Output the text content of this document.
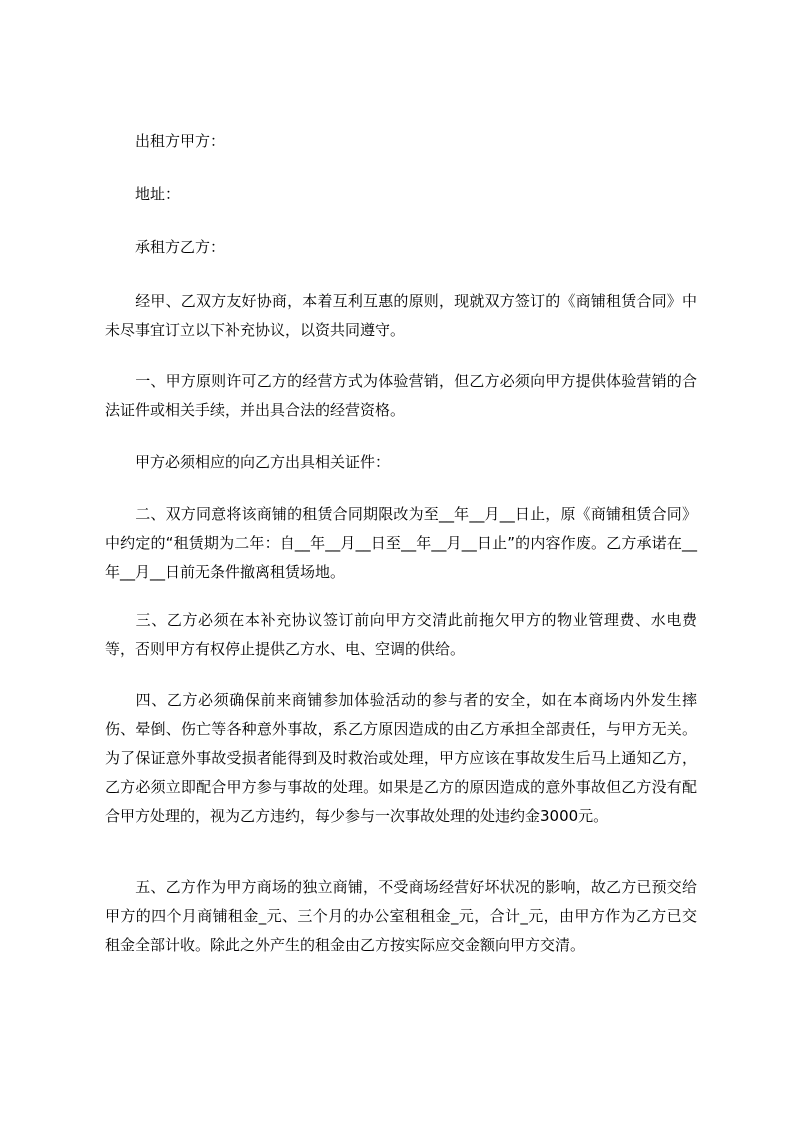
出租方甲方：

地址：

承租方乙方：

经甲、乙双方友好协商，本着互利互惠的原则，现就双方签订的《商铺租赁合同》中未尽事宜订立以下补充协议，以资共同遵守。

一、甲方原则许可乙方的经营方式为体验营销，但乙方必须向甲方提供体验营销的合法证件或相关手续，并出具合法的经营资格。

甲方必须相应的向乙方出具相关证件：

二、双方同意将该商铺的租赁合同期限改为至__年__月__日止，原《商铺租赁合同》中约定的“租赁期为二年：自__年__月__日至__年__月__日止”的内容作废。乙方承诺在__年__月__日前无条件撤离租赁场地。

三、乙方必须在本补充协议签订前向甲方交清此前拖欠甲方的物业管理费、水电费等，否则甲方有权停止提供乙方水、电、空调的供给。

四、乙方必须确保前来商铺参加体验活动的参与者的安全，如在本商场内外发生摔伤、晕倒、伤亡等各种意外事故，系乙方原因造成的由乙方承担全部责任，与甲方无关。为了保证意外事故受损者能得到及时救治或处理，甲方应该在事故发生后马上通知乙方，乙方必须立即配合甲方参与事故的处理。如果是乙方的原因造成的意外事故但乙方没有配合甲方处理的，视为乙方违约，每少参与一次事故处理的处违约金3000元。

五、乙方作为甲方商场的独立商铺，不受商场经营好坏状况的影响，故乙方已预交给甲方的四个月商铺租金_元、三个月的办公室租租金_元，合计_元，由甲方作为乙方已交租金全部计收。除此之外产生的租金由乙方按实际应交金额向甲方交清。
